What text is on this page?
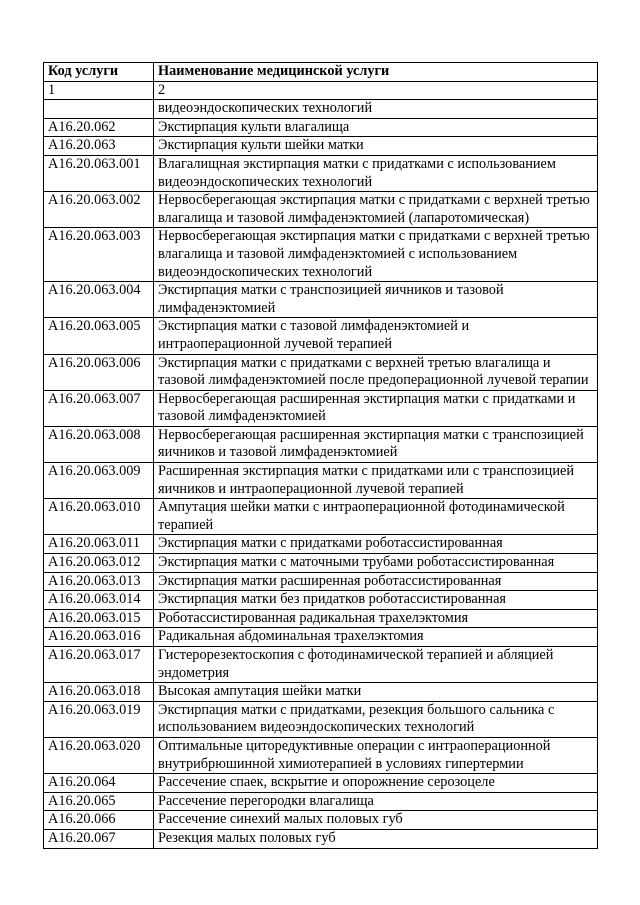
Код услуги	Наименование медицинской услуги
1	2
	видеоэндоскопических технологий
A16.20.062	Экстирпация культи влагалища
A16.20.063	Экстирпация культи шейки матки
A16.20.063.001	Влагалищная экстирпация матки с придатками с использованием видеоэндоскопических технологий
A16.20.063.002	Нервосберегающая экстирпация матки с придатками с верхней третью влагалища и тазовой лимфаденэктомией (лапаротомическая)
A16.20.063.003	Нервосберегающая экстирпация матки с придатками с верхней третью влагалища и тазовой лимфаденэктомией с использованием видеоэндоскопических технологий
A16.20.063.004	Экстирпация матки с транспозицией яичников и тазовой лимфаденэктомией
A16.20.063.005	Экстирпация матки с тазовой лимфаденэктомией и интраоперационной лучевой терапией
A16.20.063.006	Экстирпация матки с придатками с верхней третью влагалища и тазовой лимфаденэктомией после предоперационной лучевой терапии
A16.20.063.007	Нервосберегающая расширенная экстирпация матки с придатками и тазовой лимфаденэктомией
A16.20.063.008	Нервосберегающая расширенная экстирпация матки с транспозицией яичников и тазовой лимфаденэктомией
A16.20.063.009	Расширенная экстирпация матки с придатками или с транспозицией яичников и интраоперационной лучевой терапией
A16.20.063.010	Ампутация шейки матки с интраоперационной фотодинамической терапией
A16.20.063.011	Экстирпация матки с придатками роботассистированная
A16.20.063.012	Экстирпация матки с маточными трубами роботассистированная
A16.20.063.013	Экстирпация матки расширенная роботассистированная
A16.20.063.014	Экстирпация матки без придатков роботассистированная
A16.20.063.015	Роботассистированная радикальная трахелэктомия
A16.20.063.016	Радикальная абдоминальная трахелэктомия
A16.20.063.017	Гистерорезектоскопия с фотодинамической терапией и абляцией эндометрия
A16.20.063.018	Высокая ампутация шейки матки
A16.20.063.019	Экстирпация матки с придатками, резекция большого сальника с использованием видеоэндоскопических технологий
A16.20.063.020	Оптимальные циторедуктивные операции с интраоперационной внутрибрюшинной химиотерапией в условиях гипертермии
A16.20.064	Рассечение спаек, вскрытие и опорожнение серозоцеле
A16.20.065	Рассечение перегородки влагалища
A16.20.066	Рассечение синехий малых половых губ
A16.20.067	Резекция малых половых губ
